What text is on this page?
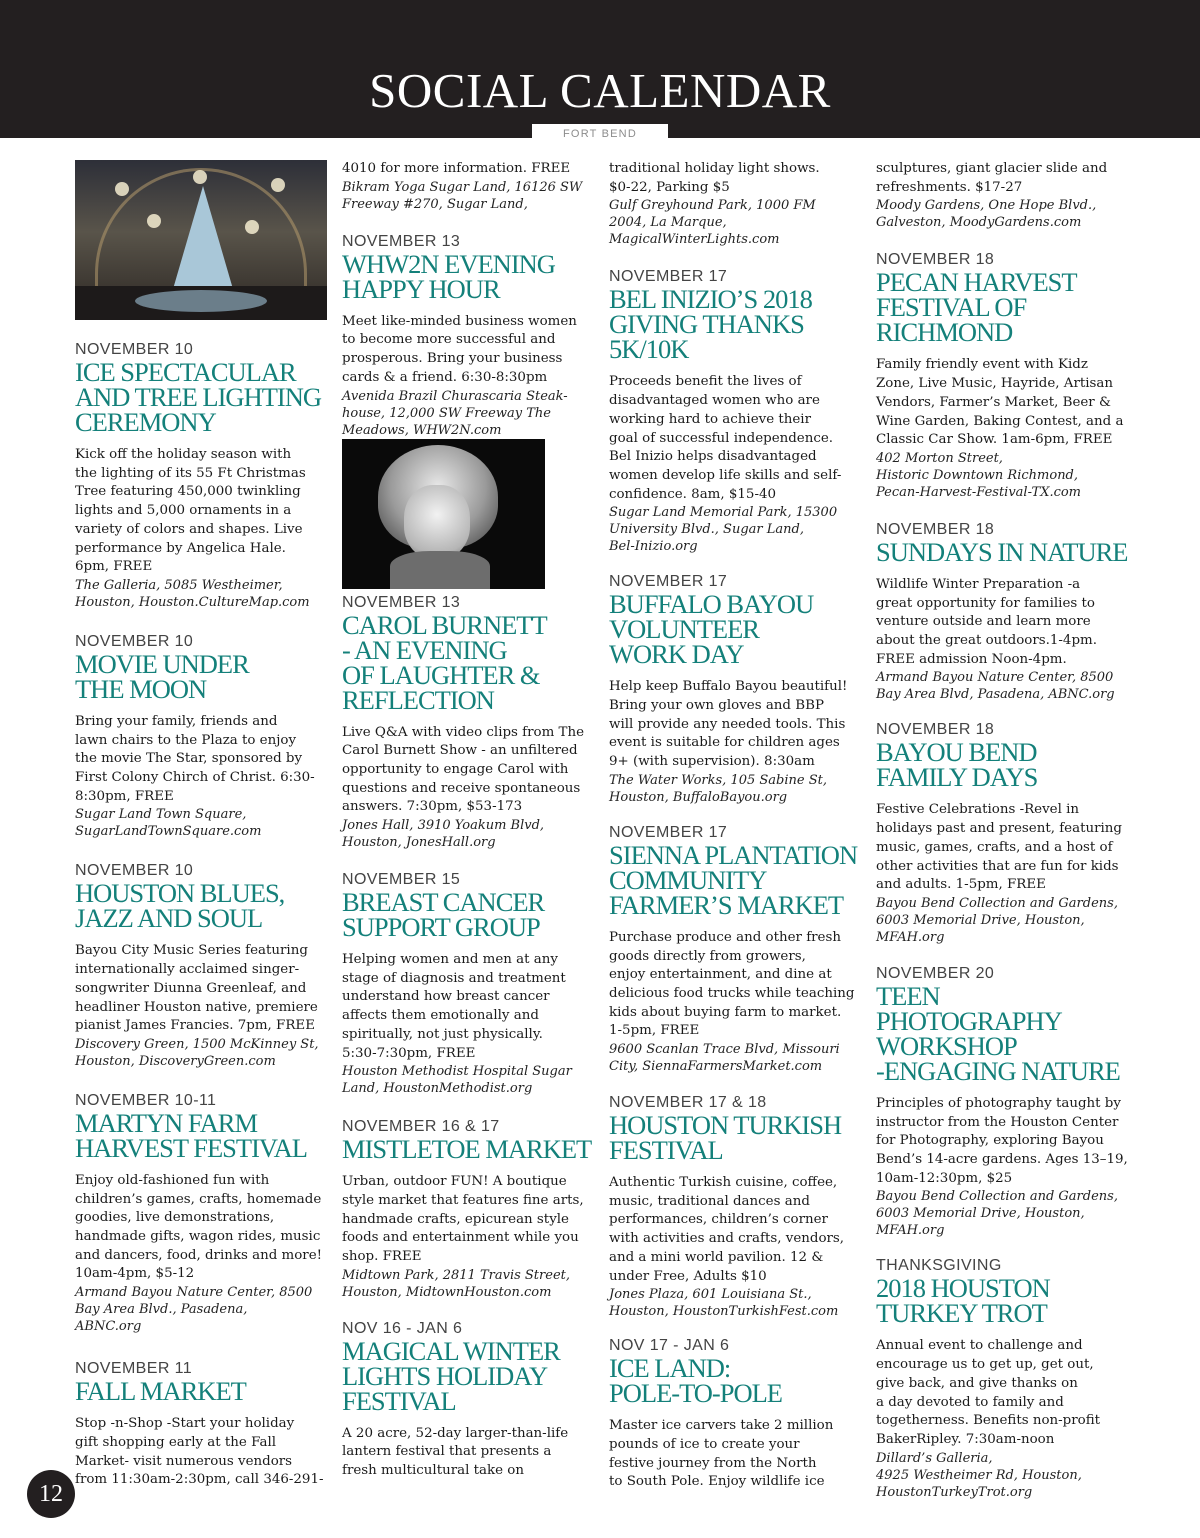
SOCIAL CALENDAR
FORT BEND
NOVEMBER 10
ICE SPECTACULAR
AND TREE LIGHTING
CEREMONY
Kick off the holiday season with
the lighting of its 55 Ft Christmas
Tree featuring 450,000 twinkling
lights and 5,000 ornaments in a
variety of colors and shapes. Live
performance by Angelica Hale.
6pm, FREE
The Galleria, 5085 Westheimer,
Houston, Houston.CultureMap.com
NOVEMBER 10
MOVIE UNDER
THE MOON
Bring your family, friends and
lawn chairs to the Plaza to enjoy
the movie The Star, sponsored by
First Colony Chirch of Christ. 6:30-
8:30pm, FREE
Sugar Land Town Square,
SugarLandTownSquare.com
NOVEMBER 10
HOUSTON BLUES,
JAZZ AND SOUL
Bayou City Music Series featuring
internationally acclaimed singer-
songwriter Diunna Greenleaf, and
headliner Houston native, premiere
pianist James Francies. 7pm, FREE
Discovery Green, 1500 McKinney St,
Houston, DiscoveryGreen.com
NOVEMBER 10-11
MARTYN FARM
HARVEST FESTIVAL
Enjoy old-fashioned fun with
children’s games, crafts, homemade
goodies, live demonstrations,
handmade gifts, wagon rides, music
and dancers, food, drinks and more!
10am-4pm, $5-12
Armand Bayou Nature Center, 8500
Bay Area Blvd., Pasadena,
ABNC.org
NOVEMBER 11
FALL MARKET
Stop -n-Shop -Start your holiday
gift shopping early at the Fall
Market- visit numerous vendors
from 11:30am-2:30pm, call 346-291-
4010 for more information. FREE
Bikram Yoga Sugar Land, 16126 SW
Freeway #270, Sugar Land,
NOVEMBER 13
WHW2N EVENING
HAPPY HOUR
Meet like-minded business women
to become more successful and
prosperous. Bring your business
cards & a friend. 6:30-8:30pm
Avenida Brazil Churascaria Steak-
house, 12,000 SW Freeway The
Meadows, WHW2N.com
NOVEMBER 13
CAROL BURNETT
- AN EVENING
OF LAUGHTER &
REFLECTION
Live Q&A with video clips from The
Carol Burnett Show - an unfiltered
opportunity to engage Carol with
questions and receive spontaneous
answers. 7:30pm, $53-173
Jones Hall, 3910 Yoakum Blvd,
Houston, JonesHall.org
NOVEMBER 15
BREAST CANCER
SUPPORT GROUP
Helping women and men at any
stage of diagnosis and treatment
understand how breast cancer
affects them emotionally and
spiritually, not just physically.
5:30-7:30pm, FREE
Houston Methodist Hospital Sugar
Land, HoustonMethodist.org
NOVEMBER 16 & 17
MISTLETOE MARKET
Urban, outdoor FUN! A boutique
style market that features fine arts,
handmade crafts, epicurean style
foods and entertainment while you
shop. FREE
Midtown Park, 2811 Travis Street,
Houston, MidtownHouston.com
NOV 16 - JAN 6
MAGICAL WINTER
LIGHTS HOLIDAY
FESTIVAL
A 20 acre, 52-day larger-than-life
lantern festival that presents a
fresh multicultural take on
traditional holiday light shows.
$0-22, Parking $5
Gulf Greyhound Park, 1000 FM
2004, La Marque,
MagicalWinterLights.com
NOVEMBER 17
BEL INIZIO’S 2018
GIVING THANKS
5K/10K
Proceeds benefit the lives of
disadvantaged women who are
working hard to achieve their
goal of successful independence.
Bel Inizio helps disadvantaged
women develop life skills and self-
confidence. 8am, $15-40
Sugar Land Memorial Park, 15300
University Blvd., Sugar Land,
Bel-Inizio.org
NOVEMBER 17
BUFFALO BAYOU
VOLUNTEER
WORK DAY
Help keep Buffalo Bayou beautiful!
Bring your own gloves and BBP
will provide any needed tools. This
event is suitable for children ages
9+ (with supervision). 8:30am
The Water Works, 105 Sabine St,
Houston, BuffaloBayou.org
NOVEMBER 17
SIENNA PLANTATION
COMMUNITY
FARMER’S MARKET
Purchase produce and other fresh
goods directly from growers,
enjoy entertainment, and dine at
delicious food trucks while teaching
kids about buying farm to market.
1-5pm, FREE
9600 Scanlan Trace Blvd, Missouri
City, SiennaFarmersMarket.com
NOVEMBER 17 & 18
HOUSTON TURKISH
FESTIVAL
Authentic Turkish cuisine, coffee,
music, traditional dances and
performances, children’s corner
with activities and crafts, vendors,
and a mini world pavilion. 12 &
under Free, Adults $10
Jones Plaza, 601 Louisiana St.,
Houston, HoustonTurkishFest.com
NOV 17 - JAN 6
ICE LAND:
POLE-TO-POLE
Master ice carvers take 2 million
pounds of ice to create your
festive journey from the North
to South Pole. Enjoy wildlife ice
sculptures, giant glacier slide and
refreshments. $17-27
Moody Gardens, One Hope Blvd.,
Galveston, MoodyGardens.com
NOVEMBER 18
PECAN HARVEST
FESTIVAL OF
RICHMOND
Family friendly event with Kidz
Zone, Live Music, Hayride, Artisan
Vendors, Farmer’s Market, Beer &
Wine Garden, Baking Contest, and a
Classic Car Show. 1am-6pm, FREE
402 Morton Street,
Historic Downtown Richmond,
Pecan-Harvest-Festival-TX.com
NOVEMBER 18
SUNDAYS IN NATURE
Wildlife Winter Preparation -a
great opportunity for families to
venture outside and learn more
about the great outdoors.1-4pm.
FREE admission Noon-4pm.
Armand Bayou Nature Center, 8500
Bay Area Blvd, Pasadena, ABNC.org
NOVEMBER 18
BAYOU BEND
FAMILY DAYS
Festive Celebrations -Revel in
holidays past and present, featuring
music, games, crafts, and a host of
other activities that are fun for kids
and adults. 1-5pm, FREE
Bayou Bend Collection and Gardens,
6003 Memorial Drive, Houston,
MFAH.org
NOVEMBER 20
TEEN PHOTOGRAPHY
WORKSHOP
-ENGAGING NATURE
Principles of photography taught by
instructor from the Houston Center
for Photography, exploring Bayou
Bend’s 14-acre gardens. Ages 13–19,
10am-12:30pm, $25
Bayou Bend Collection and Gardens,
6003 Memorial Drive, Houston,
MFAH.org
THANKSGIVING
2018 HOUSTON
TURKEY TROT
Annual event to challenge and
encourage us to get up, get out,
give back, and give thanks on
a day devoted to family and
togetherness. Benefits non-profit
BakerRipley. 7:30am-noon
Dillard’s Galleria,
4925 Westheimer Rd, Houston,
HoustonTurkeyTrot.org
12
